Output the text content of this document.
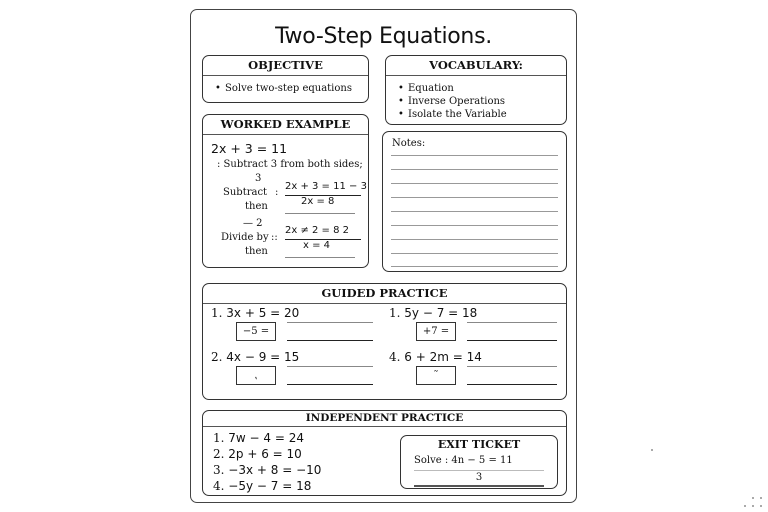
Two-Step Equations.
OBJECTIVE
• Solve two-step equations
VOCABULARY:
• Equation
• Inverse Operations
• Isolate the Variable
WORKED EXAMPLE
2x + 3 = 11
: Subtract 3 from both sides;
3
Subtract :
then
2x + 3 = 11 − 3
2x = 8
— 2
Divide by ::
then
2x ≠ 2 = 8 2
x = 4
Notes:
GUIDED PRACTICE
1. 3x + 5 = 20
−5 =
1. 5y − 7 = 18
+7 =
2. 4x − 9 = 15
⹁
4. 6 + 2m = 14
˜
INDEPENDENT PRACTICE
1. 7w − 4 = 24
2. 2p + 6 = 10
3. −3x + 8 = −10
4. −5y − 7 = 18
EXIT TICKET
Solve : 4n − 5 = 11
3
